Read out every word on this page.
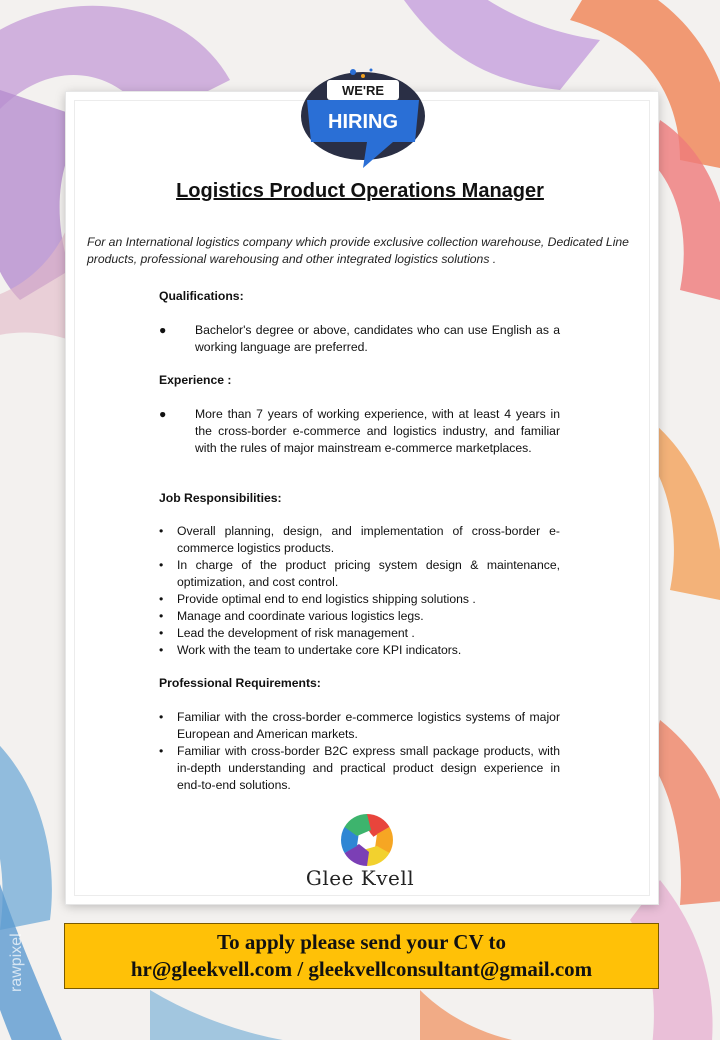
WE'RE
HIRING
Logistics Product Operations Manager
For an International logistics company which provide exclusive collection warehouse, Dedicated Line products, professional warehousing and other integrated logistics solutions .
Qualifications:
● Bachelor's degree or above, candidates who can use English as a working language are preferred.
Experience :
● More than 7 years of working experience, with at least 4 years in the cross-border e-commerce and logistics industry, and familiar with the rules of major mainstream e-commerce marketplaces.
Job Responsibilities:
• Overall planning, design, and implementation of cross-border e-commerce logistics products.
• In charge of the product pricing system design & maintenance, optimization, and cost control.
• Provide optimal end to end logistics shipping solutions .
• Manage and coordinate various logistics legs.
• Lead the development of risk management .
• Work with the team to undertake core KPI indicators.
Professional Requirements:
• Familiar with the cross-border e-commerce logistics systems of major European and American markets.
• Familiar with cross-border B2C express small package products, with in-depth understanding and practical product design experience in end-to-end solutions.
Glee Kvell
To apply please send your CV to
hr@gleekvell.com / gleekvellconsultant@gmail.com
rawpixel
